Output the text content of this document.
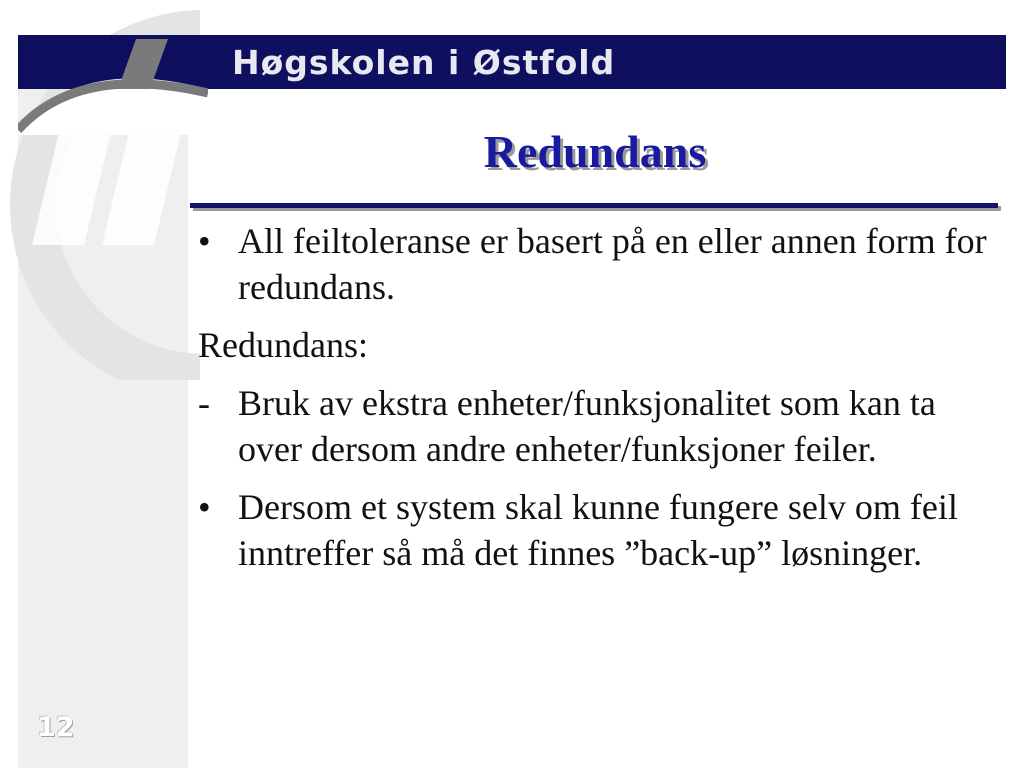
Høgskolen i Østfold
Redundans
• All feiltoleranse er basert på en eller annen form for redundans.
Redundans:
- Bruk av ekstra enheter/funksjonalitet som kan ta over dersom andre enheter/funksjoner feiler.
• Dersom et system skal kunne fungere selv om feil inntreffer så må det finnes ”back-up” løsninger.
12
